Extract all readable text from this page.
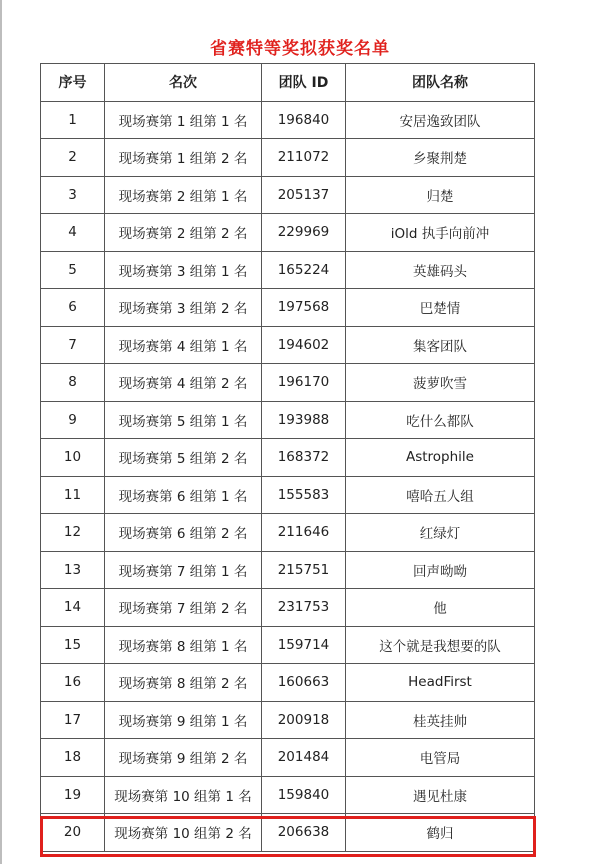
省赛特等奖拟获奖名单
序号	名次	团队 ID	团队名称
1	现场赛第 1 组第 1 名	196840	安居逸致团队
2	现场赛第 1 组第 2 名	211072	乡聚荆楚
3	现场赛第 2 组第 1 名	205137	归楚
4	现场赛第 2 组第 2 名	229969	iOld 执手向前冲
5	现场赛第 3 组第 1 名	165224	英雄码头
6	现场赛第 3 组第 2 名	197568	巴楚情
7	现场赛第 4 组第 1 名	194602	集客团队
8	现场赛第 4 组第 2 名	196170	菠萝吹雪
9	现场赛第 5 组第 1 名	193988	吃什么都队
10	现场赛第 5 组第 2 名	168372	Astrophile
11	现场赛第 6 组第 1 名	155583	嘻哈五人组
12	现场赛第 6 组第 2 名	211646	红绿灯
13	现场赛第 7 组第 1 名	215751	回声呦呦
14	现场赛第 7 组第 2 名	231753	他
15	现场赛第 8 组第 1 名	159714	这个就是我想要的队
16	现场赛第 8 组第 2 名	160663	HeadFirst
17	现场赛第 9 组第 1 名	200918	桂英挂帅
18	现场赛第 9 组第 2 名	201484	电管局
19	现场赛第 10 组第 1 名	159840	遇见杜康
20	现场赛第 10 组第 2 名	206638	鹤归
